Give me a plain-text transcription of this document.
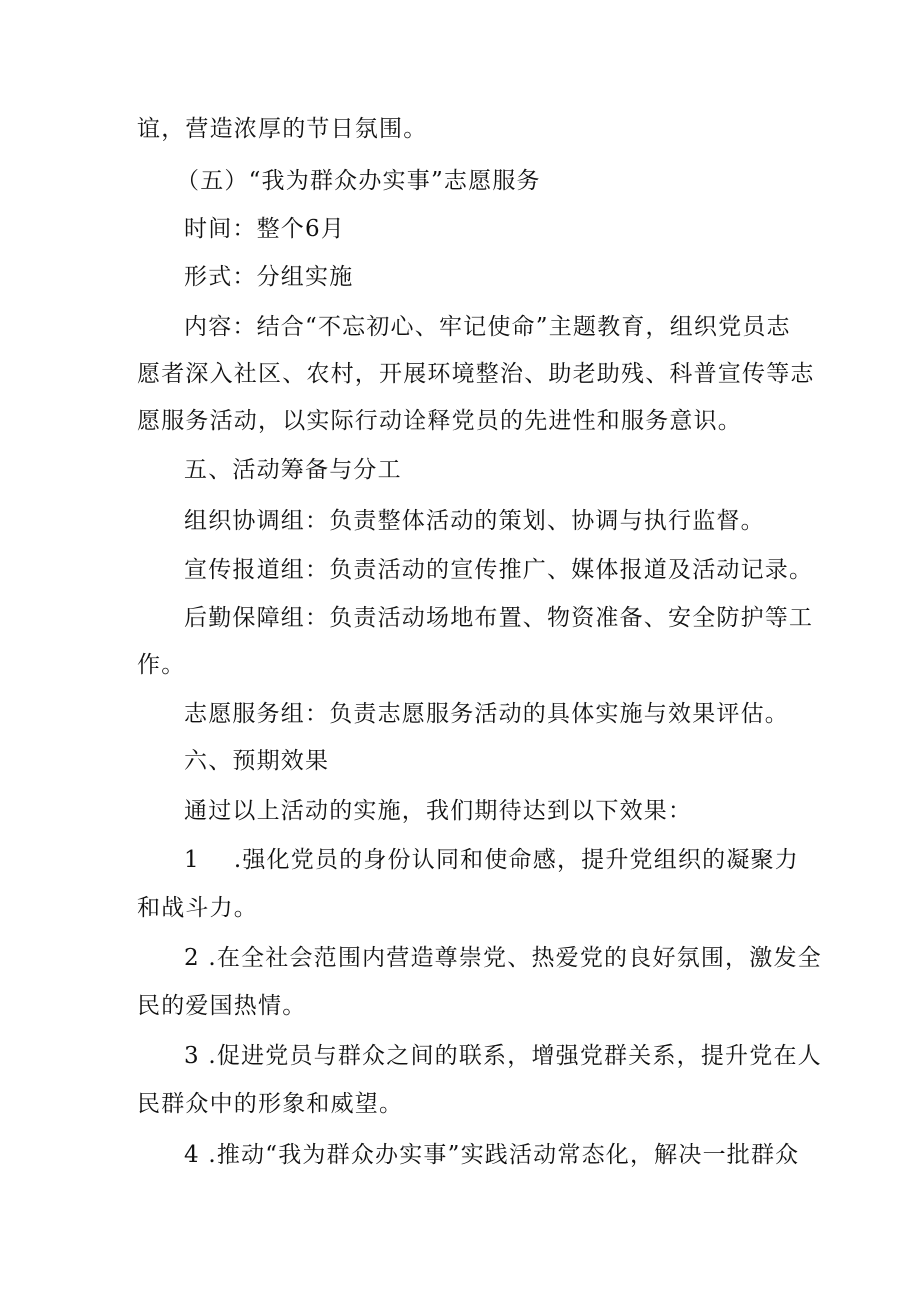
谊，营造浓厚的节日氛围。
（五）“我为群众办实事”志愿服务
时间：整个6月
形式：分组实施
内容：结合“不忘初心、牢记使命”主题教育，组织党员志
愿者深入社区、农村，开展环境整治、助老助残、科普宣传等志
愿服务活动，以实际行动诠释党员的先进性和服务意识。
五、活动筹备与分工
组织协调组：负责整体活动的策划、协调与执行监督。
宣传报道组：负责活动的宣传推广、媒体报道及活动记录。
后勤保障组：负责活动场地布置、物资准备、安全防护等工
作。
志愿服务组：负责志愿服务活动的具体实施与效果评估。
六、预期效果
通过以上活动的实施，我们期待达到以下效果：
1 .强化党员的身份认同和使命感，提升党组织的凝聚力
和战斗力。
2 .在全社会范围内营造尊崇党、热爱党的良好氛围，激发全
民的爱国热情。
3 .促进党员与群众之间的联系，增强党群关系，提升党在人
民群众中的形象和威望。
4 .推动“我为群众办实事”实践活动常态化，解决一批群众
